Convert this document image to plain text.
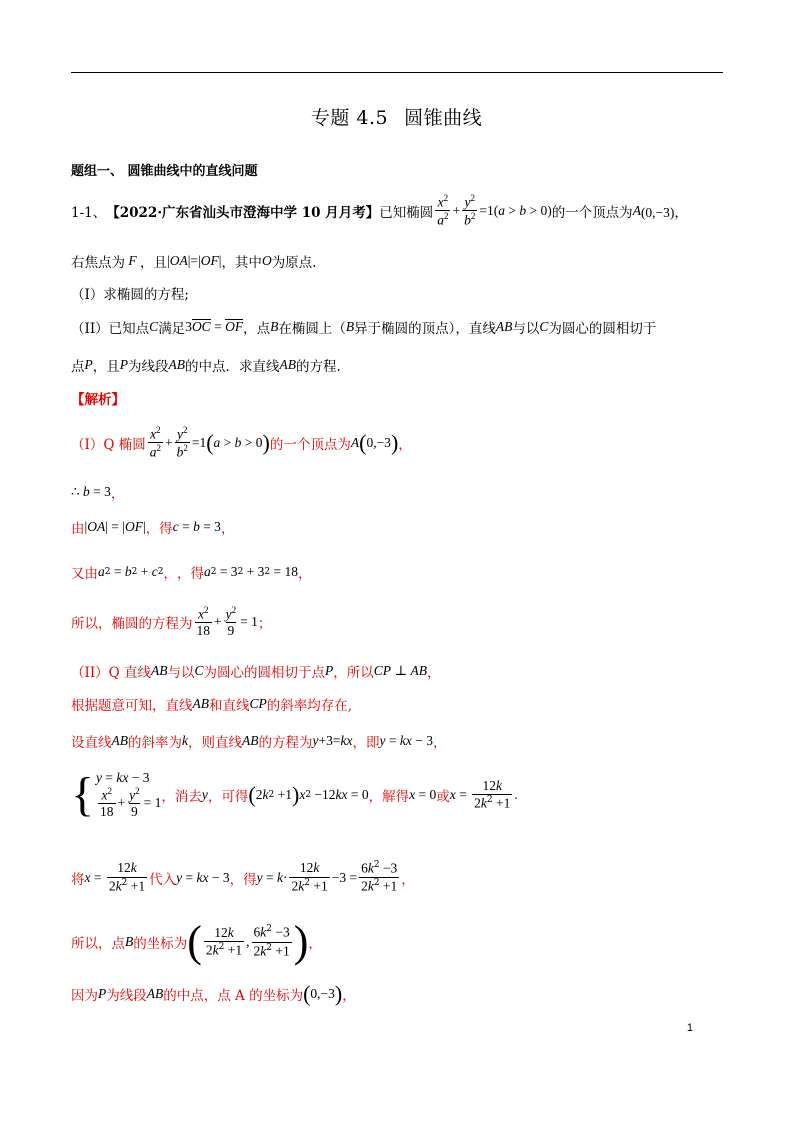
专题 4.5 圆锥曲线
题组一、 圆锥曲线中的直线问题
1-1、 【2022·广东省汕头市澄海中学 10 月月考】 已知椭圆 $\frac{x^2}{a^2} + \frac{y^2}{b^2} =1$( a > b > 0) 的一个顶点为 A (0,−3)，
右焦点为 F ，且 | OA |=| OF | ，其中 O 为原点.
（I）求椭圆的方程;
（II）已知点 C 满足 3 OC = OF ，点 B 在椭圆上（ B 异于椭圆的顶点），直线 AB 与以 C 为圆心的圆相切于
点 P ，且 P 为线段 AB 的中点．求直线 AB 的方程.
【解析】
（I）Q 椭圆 $\frac{x^2}{a^2} + \frac{y^2}{b^2} =1$ ( a > b > 0 ) 的一个顶点为 A ( 0,−3 ) ，
∴ b = 3 ，
由 | OA | = | OF | ，得 c = b = 3 ，
又由 a 2 = b 2 + c 2 ， ，得 a 2 = 3 2 + 3 2 = 18 ，
所以，椭圆的方程为 $\frac{x^2}{18} + \frac{y^2}{9} = 1$ ；
（II）Q 直线 AB 与以 C 为圆心的圆相切于点 P ，所以 CP ⊥ AB ，
根据题意可知，直线 AB 和直线 CP 的斜率均存在,
设直线 AB 的斜率为 k ，则直线 AB 的方程为 y +3= kx ，即 y = kx − 3 ，
{ y = kx − 3
$\frac{x^2}{18} + \frac{y^2}{9} = 1$ ，消去 y ，可得 ( 2 k 2 +1 ) x 2 −12 kx = 0 ，解得 x = 0 或 $x = \frac{12k}{2k^2 +1}$ .
将 $x = \frac{12k}{2k^2 +1}$ 代入 y = kx − 3 ，得 $y = k \cdot \frac{12k}{2k^2 +1} -3 = \frac{6k^2 -3}{2k^2 +1}$ ，
所以，点 B 的坐标为 ( $\frac{12k}{2k^2 +1}$ , $\frac{6k^2 -3}{2k^2 +1}$ ) ，
因为 P 为线段 AB 的中点，点 A 的坐标为 ( 0,−3 ) ，
1
